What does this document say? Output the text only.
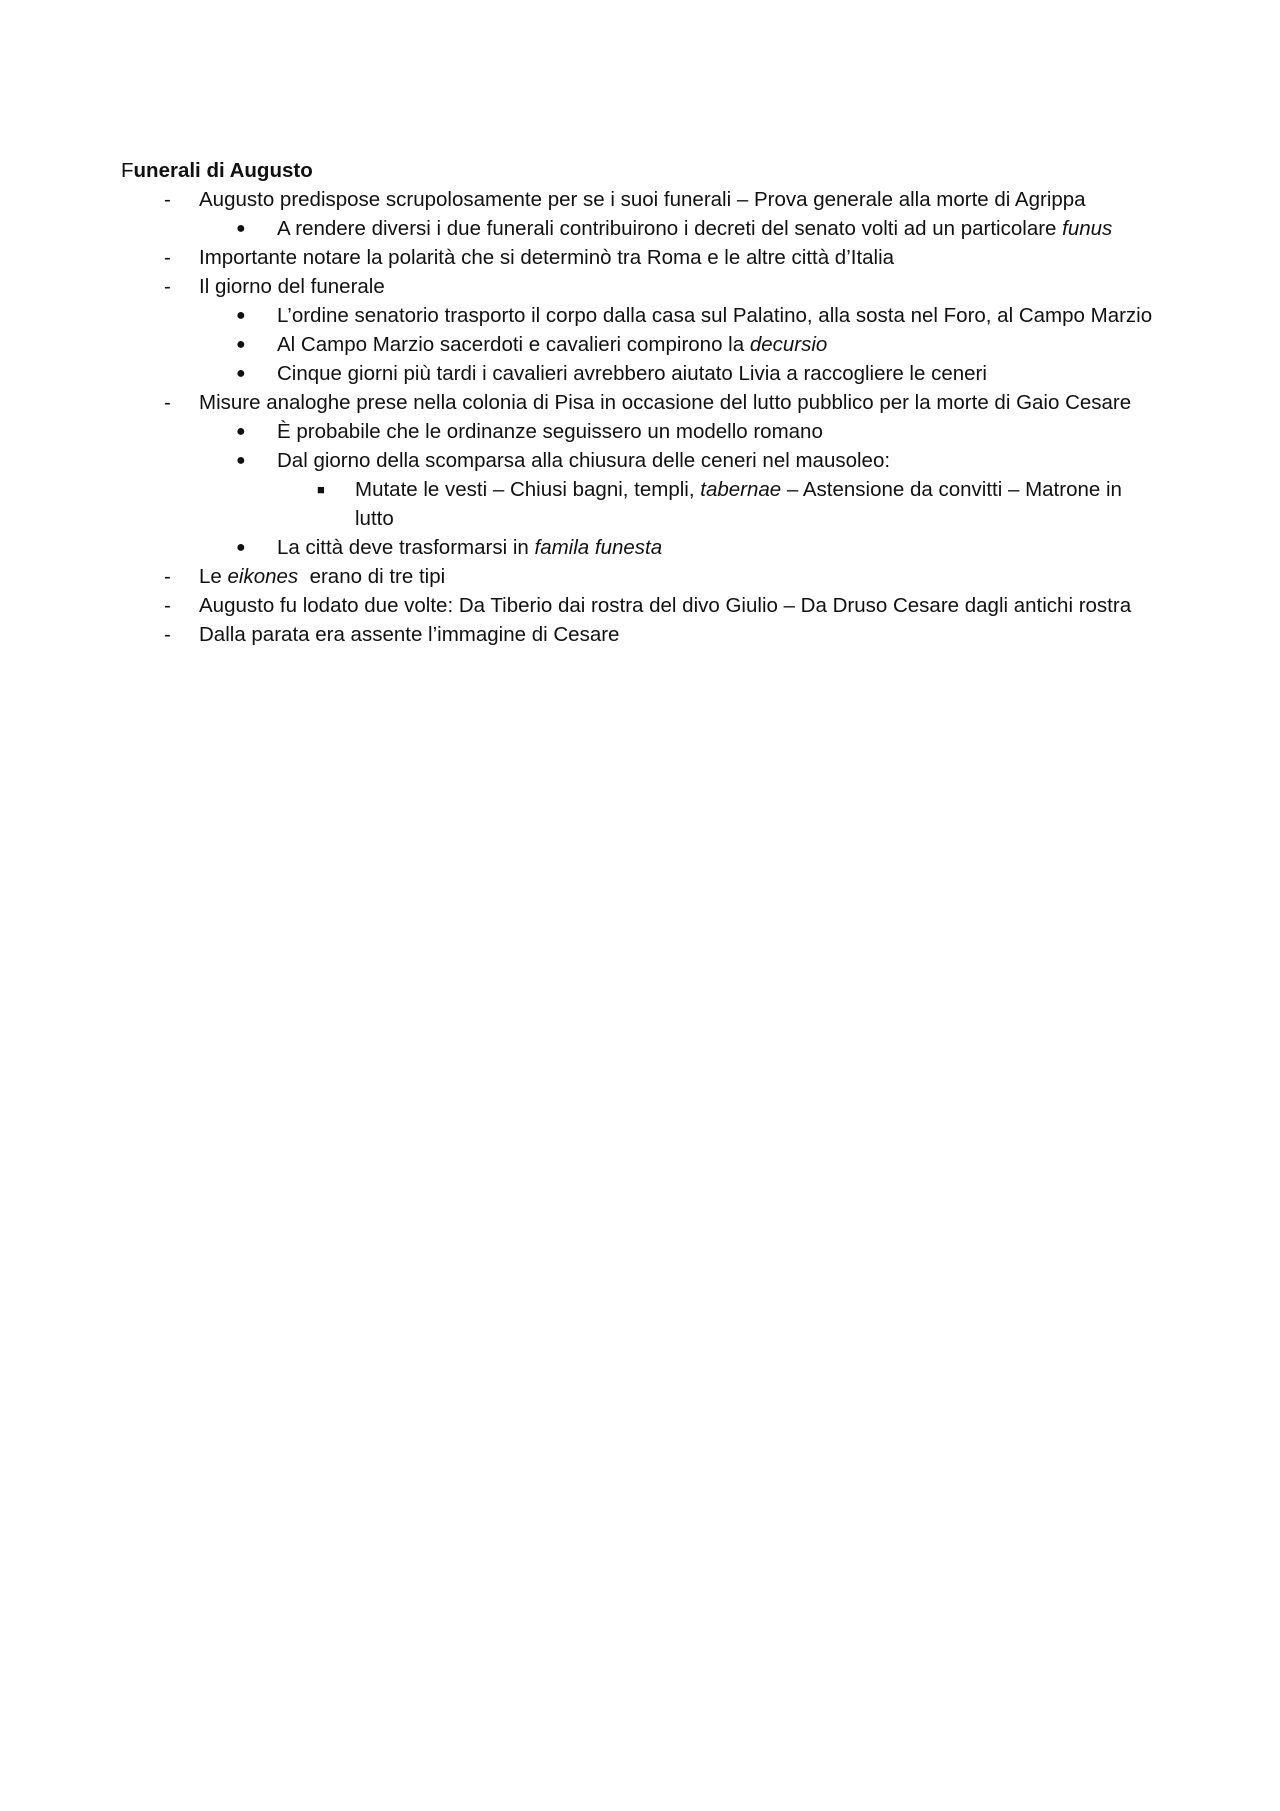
Funerali di Augusto

- Augusto predispose scrupolosamente per se i suoi funerali – Prova generale alla morte di Agrippa
● A rendere diversi i due funerali contribuirono i decreti del senato volti ad un particolare funus
- Importante notare la polarità che si determinò tra Roma e le altre città d’Italia
- Il giorno del funerale
● L’ordine senatorio trasporto il corpo dalla casa sul Palatino, alla sosta nel Foro, al Campo Marzio
● Al Campo Marzio sacerdoti e cavalieri compirono la decursio
● Cinque giorni più tardi i cavalieri avrebbero aiutato Livia a raccogliere le ceneri
- Misure analoghe prese nella colonia di Pisa in occasione del lutto pubblico per la morte di Gaio Cesare
● È probabile che le ordinanze seguissero un modello romano
● Dal giorno della scomparsa alla chiusura delle ceneri nel mausoleo:
■ Mutate le vesti – Chiusi bagni, templi, tabernae – Astensione da convitti – Matrone in lutto
● La città deve trasformarsi in famila funesta
- Le eikones  erano di tre tipi
- Augusto fu lodato due volte: Da Tiberio dai rostra del divo Giulio – Da Druso Cesare dagli antichi rostra
- Dalla parata era assente l’immagine di Cesare
